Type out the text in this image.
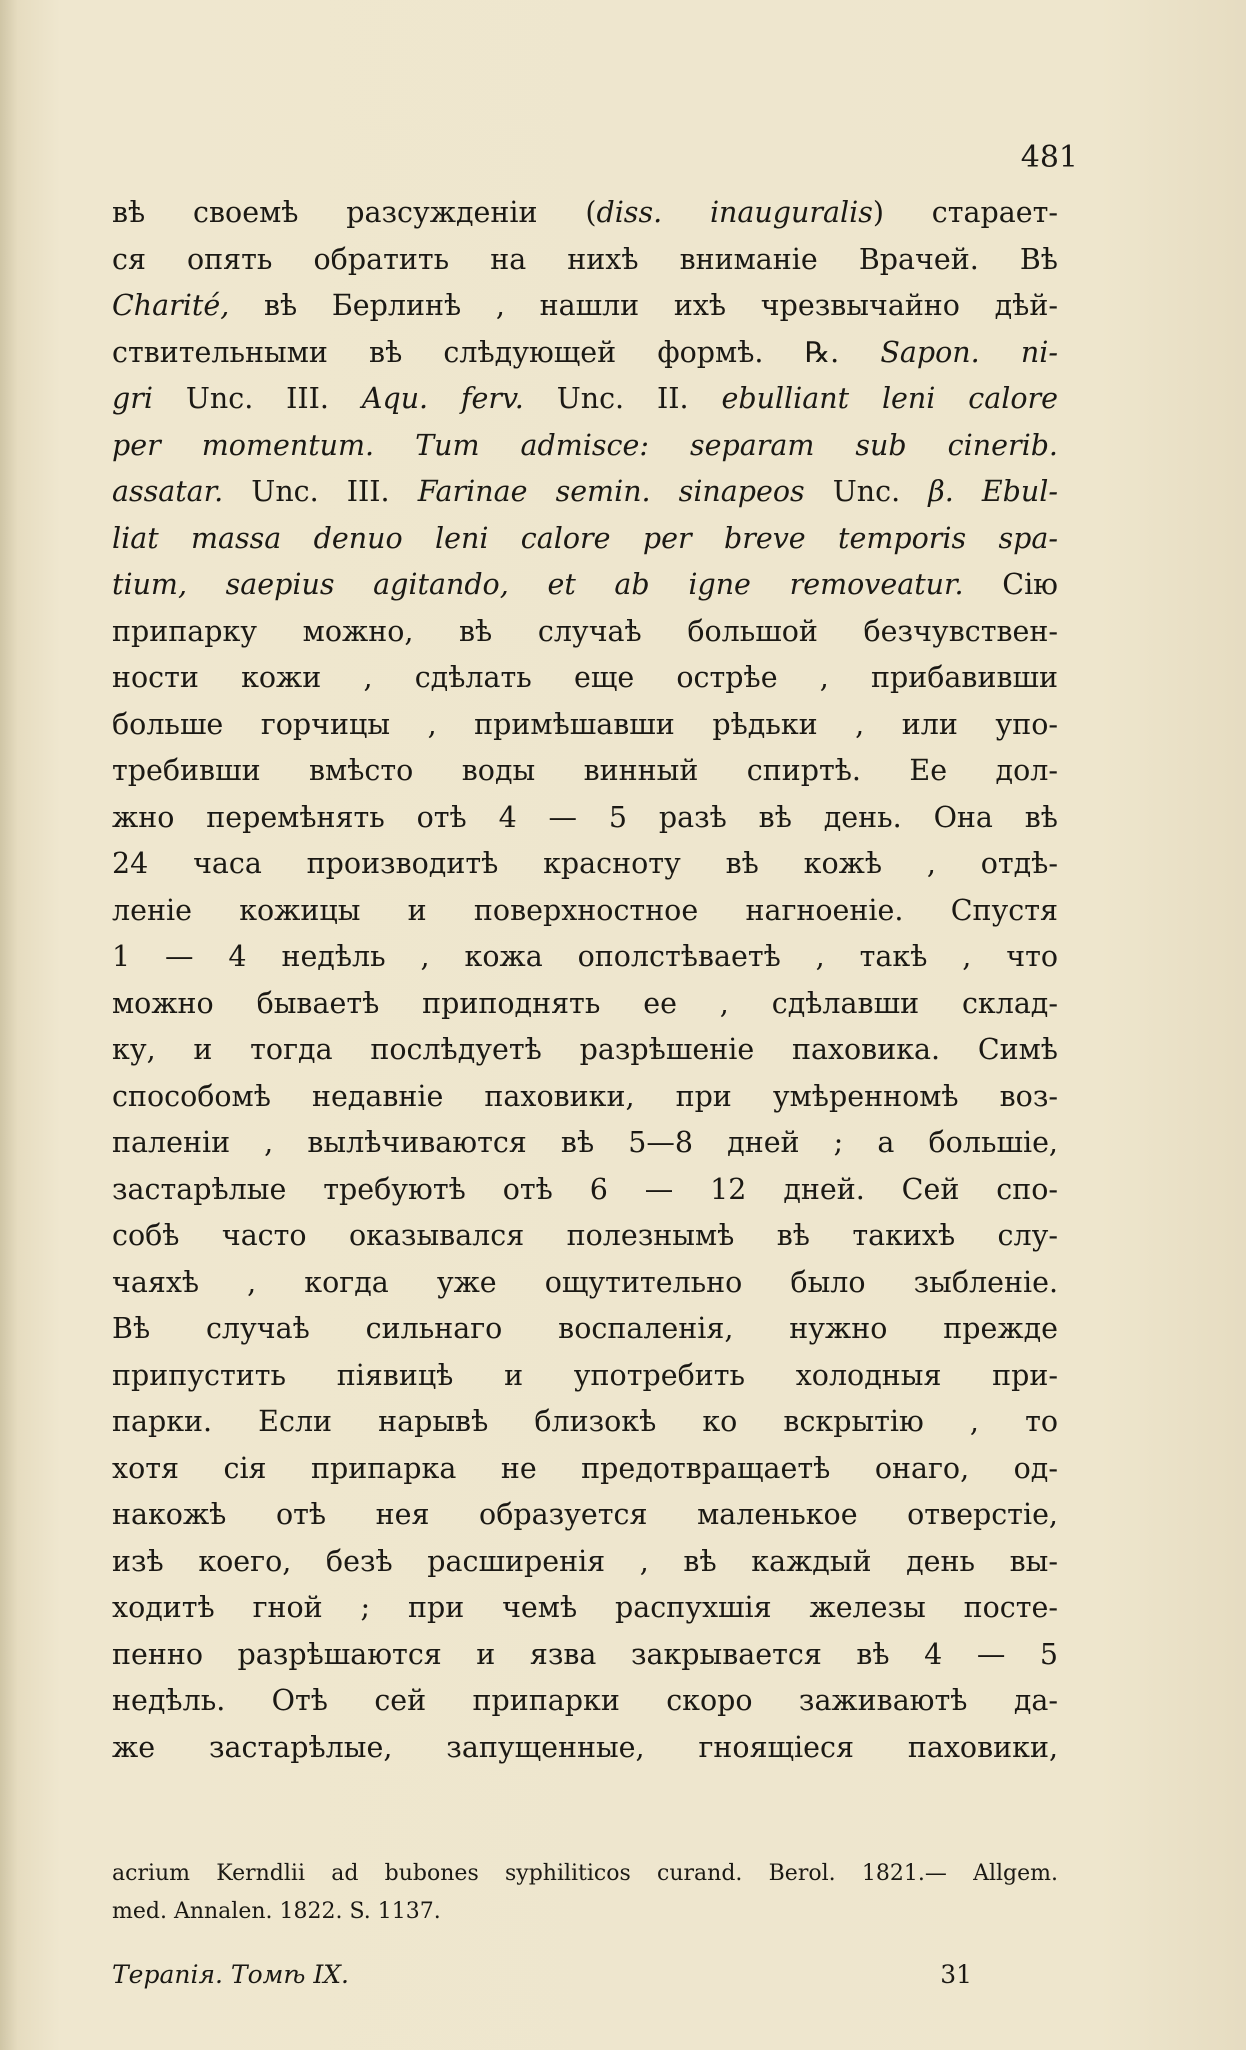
481
вѣ своемѣ разсужденіи (diss. inauguralis) старает-
ся опять обратить на нихѣ вниманіе Врачей. Вѣ
Charité, вѣ Берлинѣ , нашли ихѣ чрезвычайно дѣй-
ствительными вѣ слѣдующей формѣ. ℞. Sapon. ni-
gri Unc. III. Aqu. ferv. Unc. II. ebulliant leni calore
per momentum. Tum admisce: separam sub cinerib.
assatar. Unc. III. Farinae semin. sinapeos Unc. β. Ebul-
liat massa denuo leni calore per breve temporis spa-
tium, saepius agitando, et ab igne removeatur. Сію
припарку можно, вѣ случаѣ большой безчувствен-
ности кожи , сдѣлать еще острѣе , прибавивши
больше горчицы , примѣшавши рѣдьки , или упо-
требивши вмѣсто воды винный спиртѣ. Ее дол-
жно перемѣнять отѣ 4 — 5 разѣ вѣ день. Она вѣ
24 часа производитѣ красноту вѣ кожѣ , отдѣ-
леніе кожицы и поверхностное нагноеніе. Спустя
1 — 4 недѣль , кожа ополстѣваетѣ , такѣ , что
можно бываетѣ приподнять ее , сдѣлавши склад-
ку, и тогда послѣдуетѣ разрѣшеніе паховика. Симѣ
способомѣ недавніе паховики, при умѣренномѣ воз-
паленіи , вылѣчиваются вѣ 5—8 дней ; а большіе,
застарѣлые требуютѣ отѣ 6 — 12 дней. Сей спо-
собѣ часто оказывался полезнымѣ вѣ такихѣ слу-
чаяхѣ , когда уже ощутительно было зыбленіе.
Вѣ случаѣ сильнаго воспаленія, нужно прежде
припустить піявицѣ и употребить холодныя при-
парки. Если нарывѣ близокѣ ко вскрытію , то
хотя сія припарка не предотвращаетѣ онаго, од-
накожѣ отѣ нея образуется маленькое отверстіе,
изѣ коего, безѣ расширенія , вѣ каждый день вы-
ходитѣ гной ; при чемѣ распухшія железы посте-
пенно разрѣшаются и язва закрывается вѣ 4 — 5
недѣль. Отѣ сей припарки скоро заживаютѣ да-
же застарѣлые, запущенные, гноящіеся паховики,
acrium Kerndlii ad bubones syphiliticos curand. Berol. 1821.— Allgem.
med. Annalen. 1822. S. 1137.
Терапія. Томѣ IX.	31
